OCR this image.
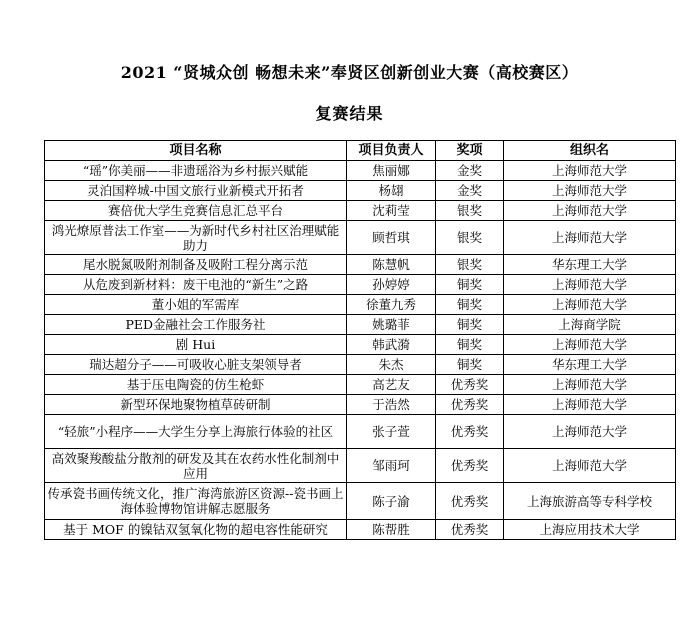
2021 “贤城众创 畅想未来”奉贤区创新创业大赛（高校赛区）
复赛结果
项目名称	项目负责人	奖项	组织名
“瑶”你美丽——非遗瑶浴为乡村振兴赋能	焦丽娜	金奖	上海师范大学
灵泊国粹城-中国文旅行业新模式开拓者	杨翃	金奖	上海师范大学
赛倍优大学生竞赛信息汇总平台	沈莉莹	银奖	上海师范大学
鸿光燎原普法工作室——为新时代乡村社区治理赋能助力	顾哲琪	银奖	上海师范大学
尾水脱氮吸附剂制备及吸附工程分离示范	陈慧帆	银奖	华东理工大学
从危废到新材料：废干电池的“新生”之路	孙婷婷	铜奖	上海师范大学
董小姐的军需库	徐董九秀	铜奖	上海师范大学
PED金融社会工作服务社	姚璐菲	铜奖	上海商学院
剧 Hui	韩武漪	铜奖	上海师范大学
瑞达超分子——可吸收心脏支架领导者	朱杰	铜奖	华东理工大学
基于压电陶瓷的仿生枪虾	高艺友	优秀奖	上海师范大学
新型环保地聚物植草砖研制	于浩然	优秀奖	上海师范大学
“轻旅”小程序——大学生分享上海旅行体验的社区	张子萱	优秀奖	上海师范大学
高效聚羧酸盐分散剂的研发及其在农药水性化制剂中应用	邹雨珂	优秀奖	上海师范大学
传承瓷书画传统文化，推广海湾旅游区资源--瓷书画上海体验博物馆讲解志愿服务	陈子渝	优秀奖	上海旅游高等专科学校
基于 MOF 的镍钴双氢氧化物的超电容性能研究	陈帮胜	优秀奖	上海应用技术大学
